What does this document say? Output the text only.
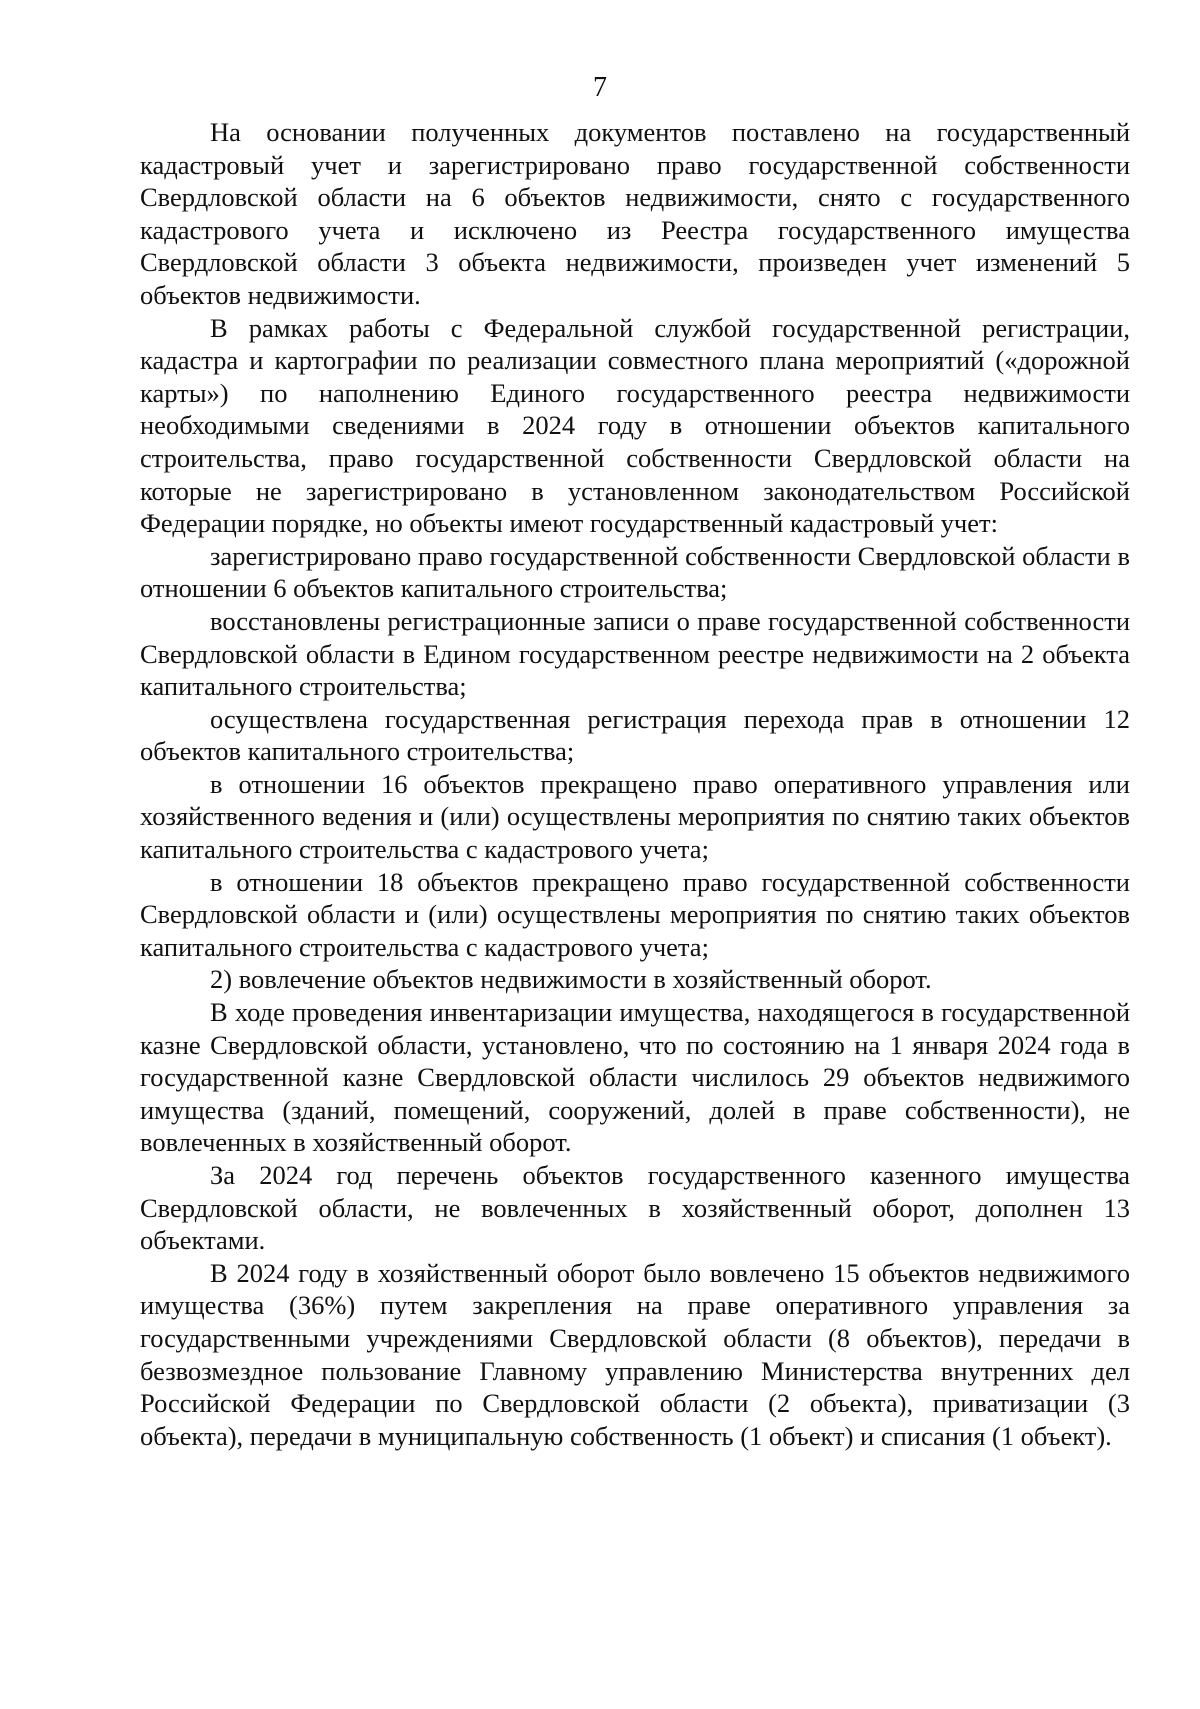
7

На основании полученных документов поставлено на государственный кадастровый учет и зарегистрировано право государственной собственности Свердловской области на 6 объектов недвижимости, снято с государственного кадастрового учета и исключено из Реестра государственного имущества Свердловской области 3 объекта недвижимости, произведен учет изменений 5 объектов недвижимости.

В рамках работы с Федеральной службой государственной регистрации, кадастра и картографии по реализации совместного плана мероприятий («дорожной карты») по наполнению Единого государственного реестра недвижимости необходимыми сведениями в 2024 году в отношении объектов капитального строительства, право государственной собственности Свердловской области на которые не зарегистрировано в установленном законодательством Российской Федерации порядке, но объекты имеют государственный кадастровый учет:

зарегистрировано право государственной собственности Свердловской области в отношении 6 объектов капитального строительства;

восстановлены регистрационные записи о праве государственной собственности Свердловской области в Едином государственном реестре недвижимости на 2 объекта капитального строительства;

осуществлена государственная регистрация перехода прав в отношении 12 объектов капитального строительства;

в отношении 16 объектов прекращено право оперативного управления или хозяйственного ведения и (или) осуществлены мероприятия по снятию таких объектов капитального строительства с кадастрового учета;

в отношении 18 объектов прекращено право государственной собственности Свердловской области и (или) осуществлены мероприятия по снятию таких объектов капитального строительства с кадастрового учета;

2) вовлечение объектов недвижимости в хозяйственный оборот.

В ходе проведения инвентаризации имущества, находящегося в государственной казне Свердловской области, установлено, что по состоянию на 1 января 2024 года в государственной казне Свердловской области числилось 29 объектов недвижимого имущества (зданий, помещений, сооружений, долей в праве собственности), не вовлеченных в хозяйственный оборот.

За 2024 год перечень объектов государственного казенного имущества Свердловской области, не вовлеченных в хозяйственный оборот, дополнен 13 объектами.

В 2024 году в хозяйственный оборот было вовлечено 15 объектов недвижимого имущества (36%) путем закрепления на праве оперативного управления за государственными учреждениями Свердловской области (8 объектов), передачи в безвозмездное пользование Главному управлению Министерства внутренних дел Российской Федерации по Свердловской области (2 объекта), приватизации (3 объекта), передачи в муниципальную собственность (1 объект) и списания (1 объект).
